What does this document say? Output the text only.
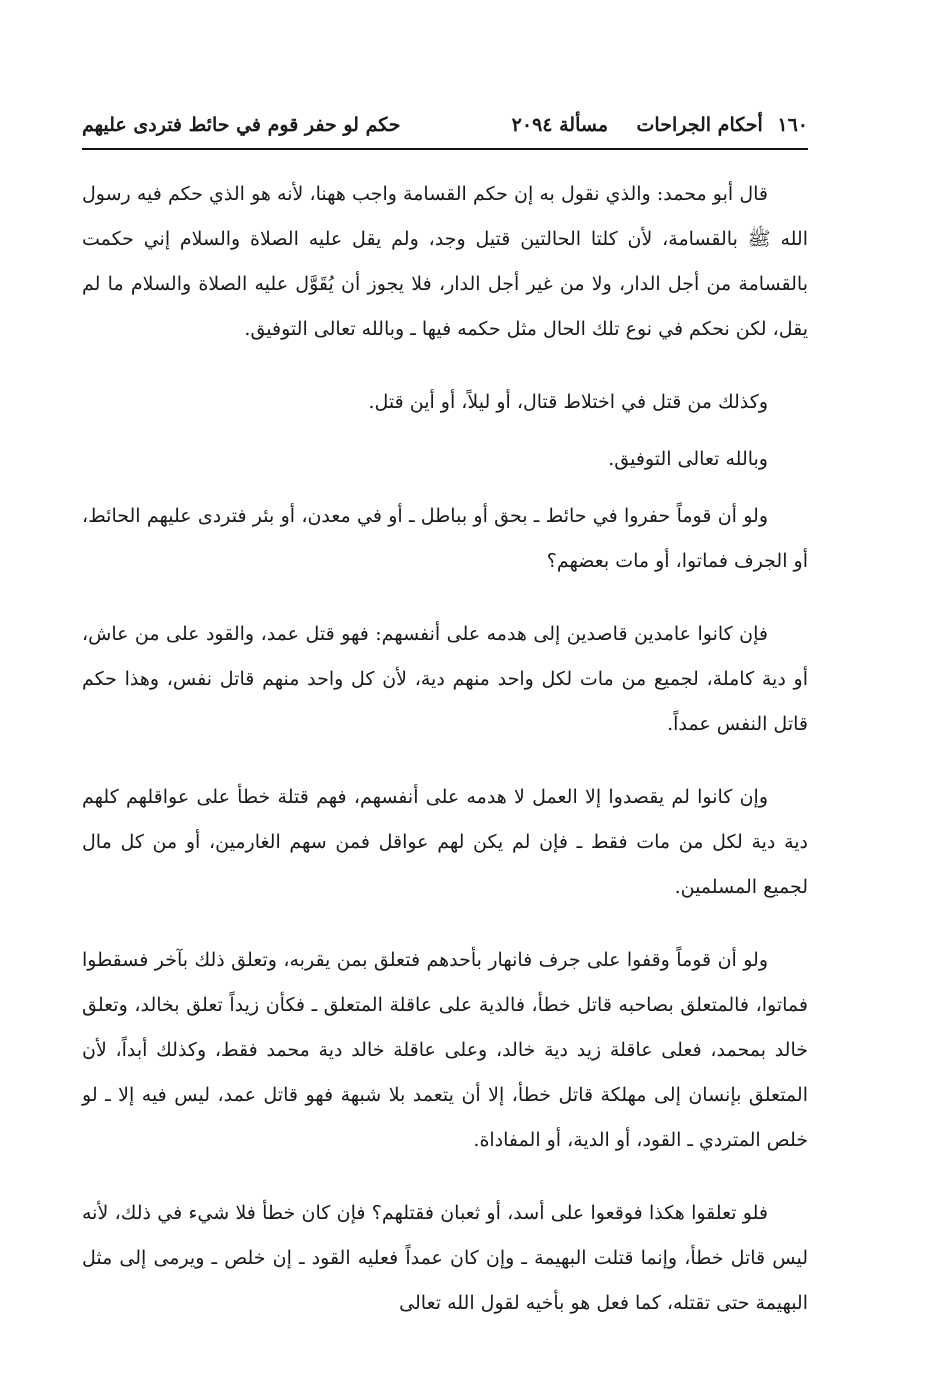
١٦٠ أحكام الجراحات
مسألة ٢٠٩٤
حكم لو حفر قوم في حائط فتردى عليهم

قال أبو محمد: والذي نقول به إن حكم القسامة واجب ههنا، لأنه هو الذي حكم فيه رسول الله ﷺ بالقسامة، لأن كلتا الحالتين قتيل وجد، ولم يقل عليه الصلاة والسلام إني حكمت بالقسامة من أجل الدار، ولا من غير أجل الدار، فلا يجوز أن يُقَوَّل عليه الصلاة والسلام ما لم يقل، لكن نحكم في نوع تلك الحال مثل حكمه فيها ـ وبالله تعالى التوفيق.

وكذلك من قتل في اختلاط قتال، أو ليلاً، أو أين قتل.

وبالله تعالى التوفيق.

ولو أن قوماً حفروا في حائط ـ بحق أو بباطل ـ أو في معدن، أو بئر فتردى عليهم الحائط، أو الجرف فماتوا، أو مات بعضهم؟

فإن كانوا عامدين قاصدين إلى هدمه على أنفسهم: فهو قتل عمد، والقود على من عاش، أو دية كاملة، لجميع من مات لكل واحد منهم دية، لأن كل واحد منهم قاتل نفس، وهذا حكم قاتل النفس عمداً.

وإن كانوا لم يقصدوا إلا العمل لا هدمه على أنفسهم، فهم قتلة خطأ على عواقلهم كلهم دية دية لكل من مات فقط ـ فإن لم يكن لهم عواقل فمن سهم الغارمين، أو من كل مال لجميع المسلمين.

ولو أن قوماً وقفوا على جرف فانهار بأحدهم فتعلق بمن يقربه، وتعلق ذلك بآخر فسقطوا فماتوا، فالمتعلق بصاحبه قاتل خطأ، فالدية على عاقلة المتعلق ـ فكأن زيداً تعلق بخالد، وتعلق خالد بمحمد، فعلى عاقلة زيد دية خالد، وعلى عاقلة خالد دية محمد فقط، وكذلك أبداً، لأن المتعلق بإنسان إلى مهلكة قاتل خطأ، إلا أن يتعمد بلا شبهة فهو قاتل عمد، ليس فيه إلا ـ لو خلص المتردي ـ القود، أو الدية، أو المفاداة.

فلو تعلقوا هكذا فوقعوا على أسد، أو ثعبان فقتلهم؟ فإن كان خطأ فلا شيء في ذلك، لأنه ليس قاتل خطأ، وإنما قتلت البهيمة ـ وإن كان عمداً فعليه القود ـ إن خلص ـ ويرمى إلى مثل البهيمة حتى تقتله، كما فعل هو بأخيه لقول الله تعالى
